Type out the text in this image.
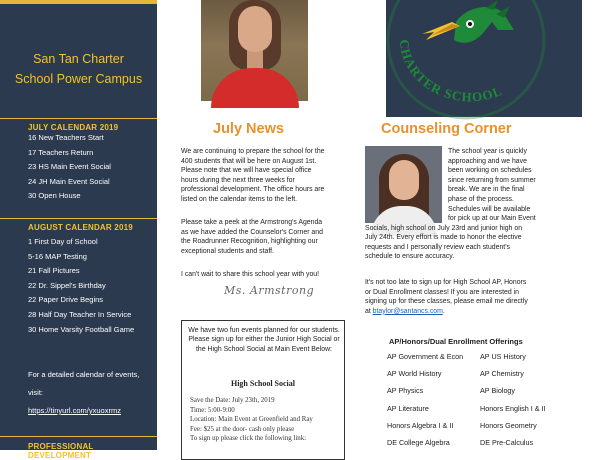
San Tan Charter
School Power Campus
JULY CALENDAR 2019
16 New Teachers Start
17 Teachers Return
23 HS Main Event Social
24 JH Main Event Social
30 Open House
AUGUST CALENDAR 2019
1 First Day of School
5-16 MAP Testing
21 Fall Pictures
22 Dr. Sippel's Birthday
22 Paper Drive Begins
28 Half Day Teacher In Service
30 Home Varsity Football Game
For a detailed calendar of events, visit:
https://tinyurl.com/yxuoxrmz
PROFESSIONAL DEVELOPMENT
CHARTER SCHOOL
July News
We are continuing to prepare the school for the
400 students that will be here on August 1st.
Please note that we will have special office
hours during the next three weeks for
professional development. The office hours are
listed on the calendar items to the left.
Please take a peek at the Armstrong's Agenda
as we have added the Counselor's Corner and
the Roadrunner Recognition, highlighting our
exceptional students and staff.
I can't wait to share this school year with you!
Ms. Armstrong
We have two fun events planned for our students. Please sign up for either the Junior High Social or the High School Social at Main Event Below:
High School Social
Save the Date: July 23th, 2019
Time: 5:00-9:00
Location: Main Event at Greenfield and Ray
Fee: $25 at the door- cash only please
To sign up please click the following link:
Counseling Corner
The school year is quickly
approaching and we have
been working on schedules
since returning from summer
break. We are in the final
phase of the process.
Schedules will be available
for pick up at our Main Event
Socials, high school on July 23rd and junior high on
July 24th. Every effort is made to honor the elective
requests and I personally review each student's
schedule to ensure accuracy.
It's not too late to sign up for High School AP, Honors
or Dual Enrollment classes! If you are interested in
signing up for these classes, please email me directly
at btaylor@santancs.com.
AP/Honors/Dual Enrollment Offerings
AP Government & Econ
AP World History
AP Physics
AP Literature
Honors Algebra I & II
DE College Algebra
AP US History
AP Chemistry
AP Biology
Honors English I & II
Honors Geometry
DE Pre-Calculus
